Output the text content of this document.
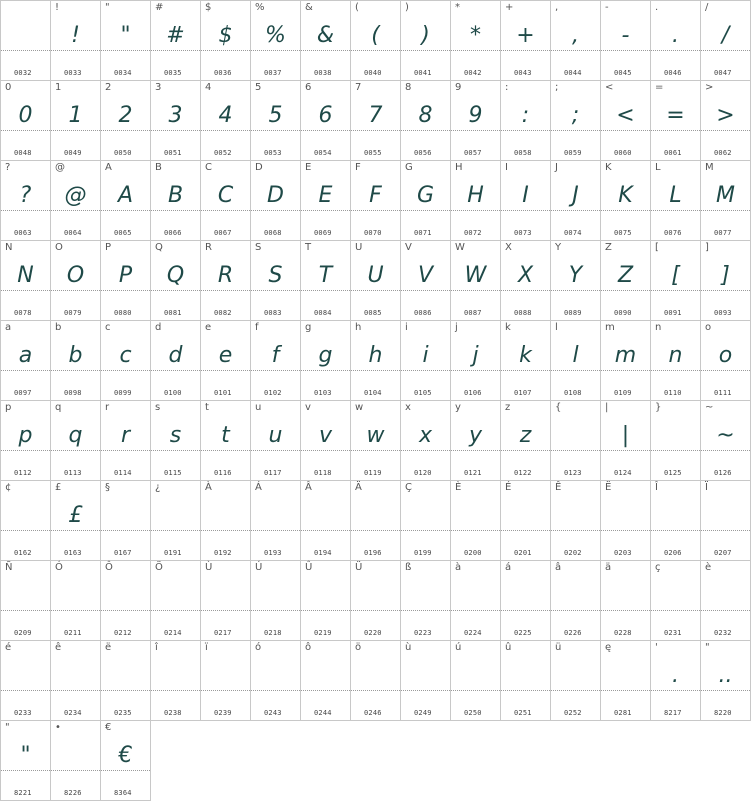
0032
!
!
0033
"
"
0034
#
#
0035
$
$
0036
%
%
0037
&
&
0038
(
(
0040
)
)
0041
*
*
0042
+
+
0043
,
,
0044
-
-
0045
.
.
0046
/
/
0047
0
0
0048
1
1
0049
2
2
0050
3
3
0051
4
4
0052
5
5
0053
6
6
0054
7
7
0055
8
8
0056
9
9
0057
:
:
0058
;
;
0059
<
<
0060
=
=
0061
>
>
0062
?
?
0063
@
@
0064
A
A
0065
B
B
0066
C
C
0067
D
D
0068
E
E
0069
F
F
0070
G
G
0071
H
H
0072
I
I
0073
J
J
0074
K
K
0075
L
L
0076
M
M
0077
N
N
0078
O
O
0079
P
P
0080
Q
Q
0081
R
R
0082
S
S
0083
T
T
0084
U
U
0085
V
V
0086
W
W
0087
X
X
0088
Y
Y
0089
Z
Z
0090
[
[
0091
]
]
0093
a
a
0097
b
b
0098
c
c
0099
d
d
0100
e
e
0101
f
f
0102
g
g
0103
h
h
0104
i
i
0105
j
j
0106
k
k
0107
l
l
0108
m
m
0109
n
n
0110
o
o
0111
p
p
0112
q
q
0113
r
r
0114
s
s
0115
t
t
0116
u
u
0117
v
v
0118
w
w
0119
x
x
0120
y
y
0121
z
z
0122
{
0123
|
|
0124
}
0125
~
~
0126
¢
0162
£
£
0163
§
0167
¿
0191
À
0192
Á
0193
Â
0194
Ä
0196
Ç
0199
È
0200
É
0201
Ê
0202
Ë
0203
Î
0206
Ï
0207
Ñ
0209
Ó
0211
Ô
0212
Ö
0214
Ù
0217
Ú
0218
Û
0219
Ü
0220
ß
0223
à
0224
á
0225
â
0226
ä
0228
ç
0231
è
0232
é
0233
ê
0234
ë
0235
î
0238
ï
0239
ó
0243
ô
0244
ö
0246
ù
0249
ú
0250
û
0251
ü
0252
ę
0281
'
.
8217
"
..
8220
"
"
8221
•
8226
€
€
8364
